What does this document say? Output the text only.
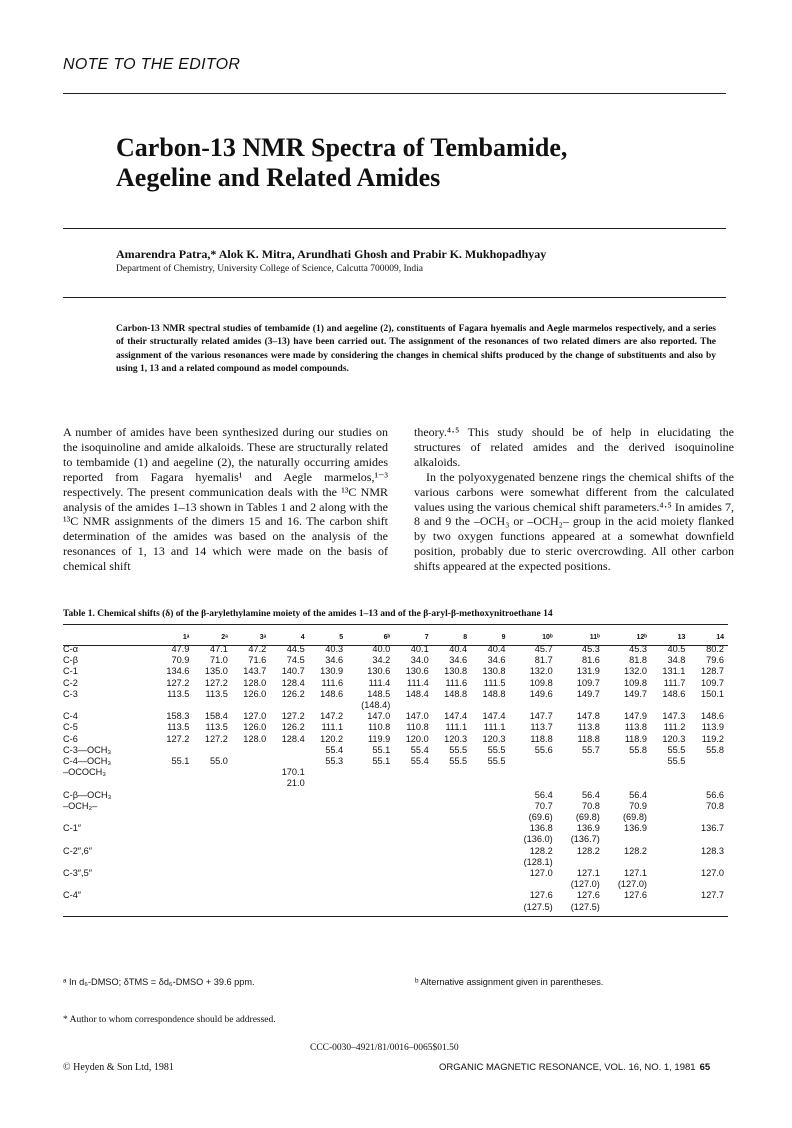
NOTE TO THE EDITOR
Carbon-13 NMR Spectra of Tembamide,
Aegeline and Related Amides
Amarendra Patra,* Alok K. Mitra, Arundhati Ghosh and Prabir K. Mukhopadhyay
Department of Chemistry, University College of Science, Calcutta 700009, India
Carbon-13 NMR spectral studies of tembamide (1) and aegeline (2), constituents of Fagara hyemalis and Aegle marmelos respectively, and a series of their structurally related amides (3–13) have been carried out. The assignment of the resonances of two related dimers are also reported. The assignment of the various resonances were made by considering the changes in chemical shifts produced by the change of substituents and also by using 1, 13 and a related compound as model compounds.

A number of amides have been synthesized during our studies on the isoquinoline and amide alkaloids. These are structurally related to tembamide (1) and aegeline (2), the naturally occurring amides reported from Fagara hyemalis¹ and Aegle marmelos,¹⁻³ respectively. The present communication deals with the ¹³C NMR analysis of the amides 1–13 shown in Tables 1 and 2 along with the ¹³C NMR assignments of the dimers 15 and 16. The carbon shift determination of the amides was based on the analysis of the resonances of 1, 13 and 14 which were made on the basis of chemical shift

theory.⁴⋅⁵ This study should be of help in elucidating the structures of related amides and the derived isoquinoline alkaloids.

In the polyoxygenated benzene rings the chemical shifts of the various carbons were somewhat different from the calculated values using the various chemical shift parameters.⁴⋅⁵ In amides 7, 8 and 9 the –OCH₃ or –OCH₂– group in the acid moiety flanked by two oxygen functions appeared at a somewhat downfield position, probably due to steric overcrowding. All other carbon shifts appeared at the expected positions.

Table 1. Chemical shifts (δ) of the β-arylethylamine moiety of the amides 1–13 and of the β-aryl-β-methoxynitroethane 14
	1ᵃ	2ᵃ	3ᵃ	4	5	6ᵇ	7	8	9	10ᵇ	11ᵇ	12ᵇ	13	14
C-α	47.9	47.1	47.2	44.5	40.3	40.0	40.1	40.4	40.4	45.7	45.3	45.3	40.5	80.2
C-β	70.9	71.0	71.6	74.5	34.6	34.2	34.0	34.6	34.6	81.7	81.6	81.8	34.8	79.6
C-1	134.6	135.0	143.7	140.7	130.9	130.6	130.6	130.8	130.8	132.0	131.9	132.0	131.1	128.7
C-2	127.2	127.2	128.0	128.4	111.6	111.4	111.4	111.6	111.5	109.8	109.7	109.8	111.7	109.7
C-3	113.5	113.5	126.0	126.2	148.6	148.5	148.4	148.8	148.8	149.6	149.7	149.7	148.6	150.1
						(148.4)								
C-4	158.3	158.4	127.0	127.2	147.2	147.0	147.0	147.4	147.4	147.7	147.8	147.9	147.3	148.6
C-5	113.5	113.5	126.0	126.2	111.1	110.8	110.8	111.1	111.1	113.7	113.8	113.8	111.2	113.9
C-6	127.2	127.2	128.0	128.4	120.2	119.9	120.0	120.3	120.3	118.8	118.8	118.9	120.3	119.2
C-3—OCH₃					55.4	55.1	55.4	55.5	55.5	55.6	55.7	55.8	55.5	55.8
C-4—OCH₃	55.1	55.0			55.3	55.1	55.4	55.5	55.5				55.5	
–OCOCH₃				170.1										
				21.0										
C-β—OCH₃										56.4	56.4	56.4		56.6
–OCH₂–										70.7	70.8	70.9		70.8
										(69.6)	(69.8)	(69.8)		
C-1″										136.8	136.9	136.9		136.7
										(136.0)	(136.7)			
C-2″,6″										128.2	128.2	128.2		128.3
										(128.1)				
C-3″,5″										127.0	127.1	127.1		127.0
											(127.0)	(127.0)		
C-4″										127.6	127.6	127.6		127.7
										(127.5)	(127.5)			
ᵃ In d₆-DMSO; δTMS = δd₆-DMSO + 39.6 ppm.	ᵇ Alternative assignment given in parentheses.
* Author to whom correspondence should be addressed.
CCC-0030–4921/81/0016–0065$01.50
© Heyden & Son Ltd, 1981	ORGANIC MAGNETIC RESONANCE, VOL. 16, NO. 1, 1981 65
